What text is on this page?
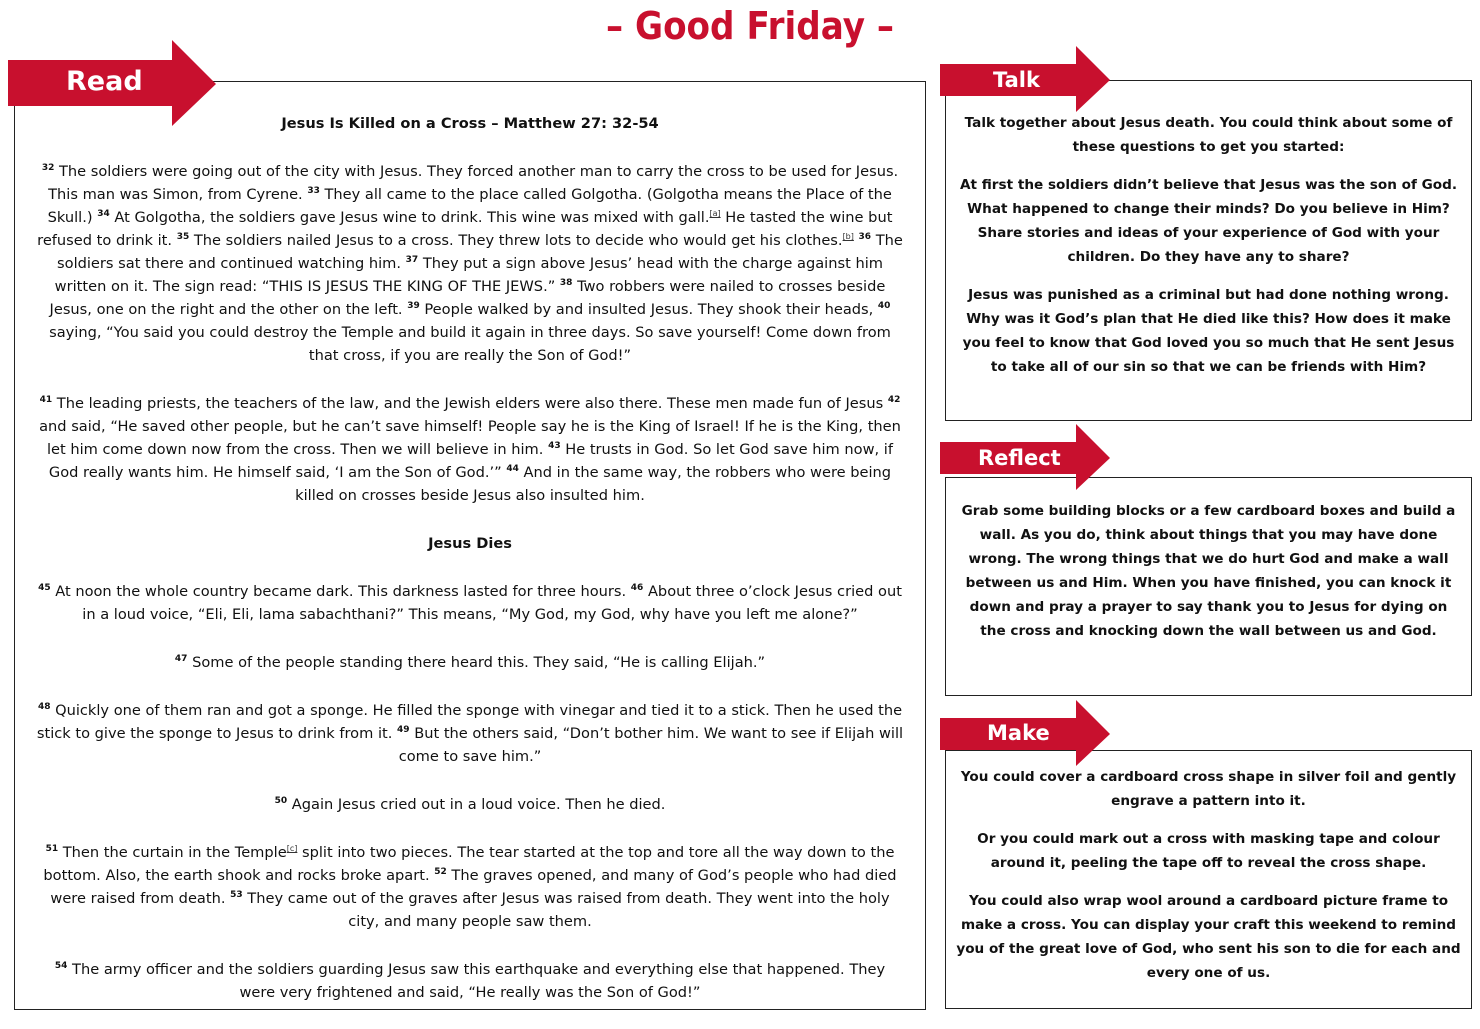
– Good Friday –
Jesus Is Killed on a Cross – Matthew 27: 32-54

$^{32}$ The soldiers were going out of the city with Jesus. They forced another man to carry the cross to be used for Jesus. This man was Simon, from Cyrene. $^{33}$ They all came to the place called Golgotha. (Golgotha means the Place of the Skull.) $^{34}$ At Golgotha, the soldiers gave Jesus wine to drink. This wine was mixed with gall.[a] He tasted the wine but refused to drink it. $^{35}$ The soldiers nailed Jesus to a cross. They threw lots to decide who would get his clothes.[b] $^{36}$ The soldiers sat there and continued watching him. $^{37}$ They put a sign above Jesus’ head with the charge against him written on it. The sign read: “THIS IS JESUS THE KING OF THE JEWS.” $^{38}$ Two robbers were nailed to crosses beside Jesus, one on the right and the other on the left. $^{39}$ People walked by and insulted Jesus. They shook their heads, $^{40}$ saying, “You said you could destroy the Temple and build it again in three days. So save yourself! Come down from that cross, if you are really the Son of God!”

$^{41}$ The leading priests, the teachers of the law, and the Jewish elders were also there. These men made fun of Jesus $^{42}$ and said, “He saved other people, but he can’t save himself! People say he is the King of Israel! If he is the King, then let him come down now from the cross. Then we will believe in him. $^{43}$ He trusts in God. So let God save him now, if God really wants him. He himself said, ‘I am the Son of God.’” $^{44}$ And in the same way, the robbers who were being killed on crosses beside Jesus also insulted him.

Jesus Dies

$^{45}$ At noon the whole country became dark. This darkness lasted for three hours. $^{46}$ About three o’clock Jesus cried out in a loud voice, “Eli, Eli, lama sabachthani?” This means, “My God, my God, why have you left me alone?”

$^{47}$ Some of the people standing there heard this. They said, “He is calling Elijah.”

$^{48}$ Quickly one of them ran and got a sponge. He filled the sponge with vinegar and tied it to a stick. Then he used the stick to give the sponge to Jesus to drink from it. $^{49}$ But the others said, “Don’t bother him. We want to see if Elijah will come to save him.”

$^{50}$ Again Jesus cried out in a loud voice. Then he died.

$^{51}$ Then the curtain in the Temple[c] split into two pieces. The tear started at the top and tore all the way down to the bottom. Also, the earth shook and rocks broke apart. $^{52}$ The graves opened, and many of God’s people who had died were raised from death. $^{53}$ They came out of the graves after Jesus was raised from death. They went into the holy city, and many people saw them.

$^{54}$ The army officer and the soldiers guarding Jesus saw this earthquake and everything else that happened. They were very frightened and said, “He really was the Son of God!”

Read

Talk together about Jesus death. You could think about some of these questions to get you started:

At first the soldiers didn’t believe that Jesus was the son of God. What happened to change their minds? Do you believe in Him? Share stories and ideas of your experience of God with your children. Do they have any to share?

Jesus was punished as a criminal but had done nothing wrong. Why was it God’s plan that He died like this? How does it make you feel to know that God loved you so much that He sent Jesus to take all of our sin so that we can be friends with Him?

Talk

Grab some building blocks or a few cardboard boxes and build a wall. As you do, think about things that you may have done wrong. The wrong things that we do hurt God and make a wall between us and Him. When you have finished, you can knock it down and pray a prayer to say thank you to Jesus for dying on the cross and knocking down the wall between us and God.

Reflect

You could cover a cardboard cross shape in silver foil and gently engrave a pattern into it.

Or you could mark out a cross with masking tape and colour around it, peeling the tape off to reveal the cross shape.

You could also wrap wool around a cardboard picture frame to make a cross. You can display your craft this weekend to remind you of the great love of God, who sent his son to die for each and every one of us.

Make
